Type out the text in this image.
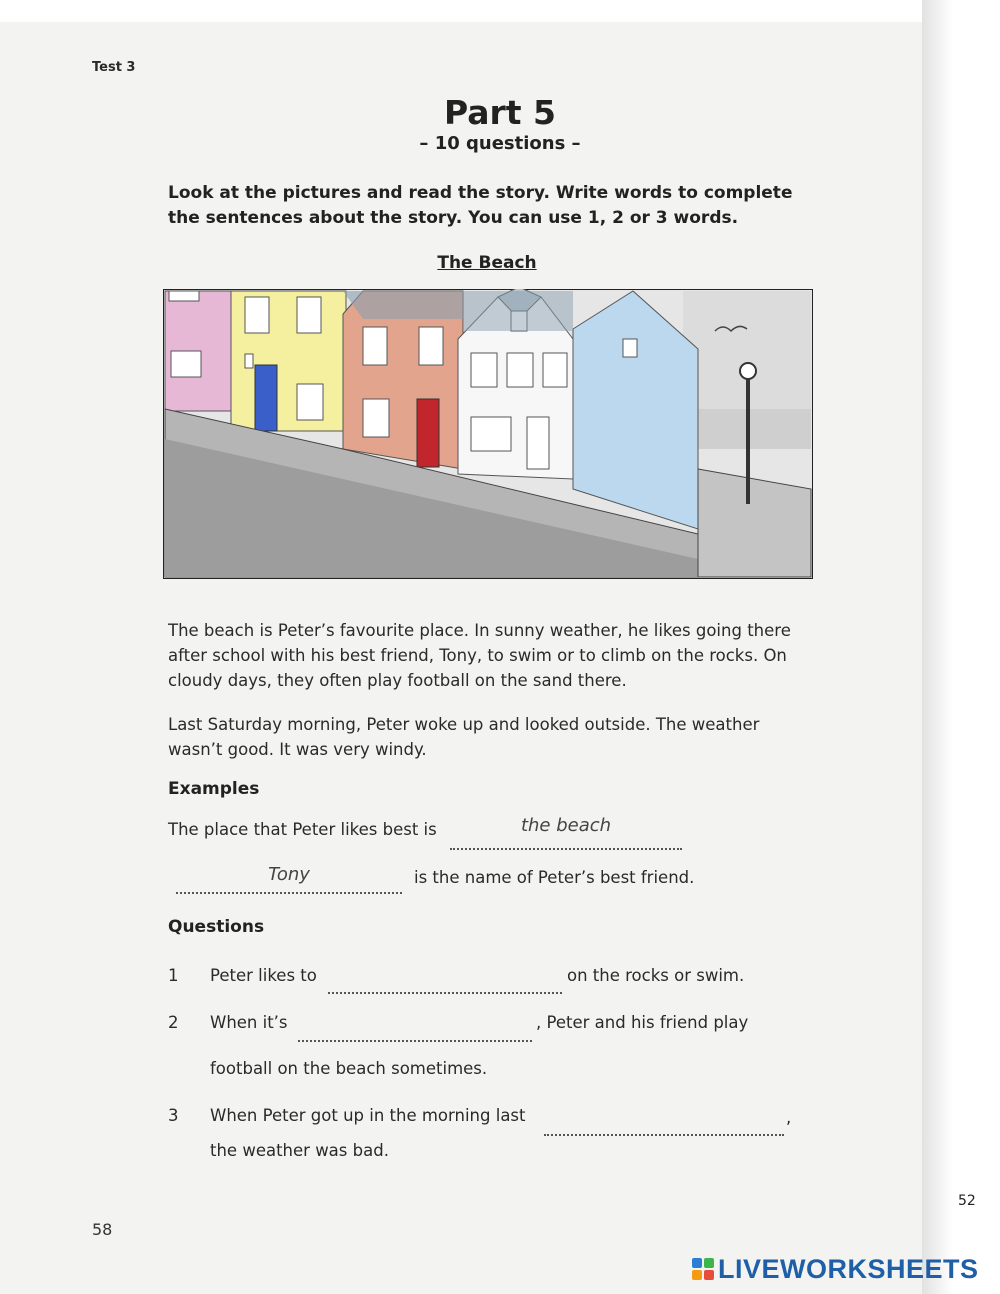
Test 3
Part 5
– 10 questions –
Look at the pictures and read the story. Write words to complete the sentences about the story. You can use 1, 2 or 3 words.
The Beach
The beach is Peter’s favourite place. In sunny weather, he likes going there after school with his best friend, Tony, to swim or to climb on the rocks. On cloudy days, they often play football on the sand there.
Last Saturday morning, Peter woke up and looked outside. The weather wasn’t good. It was very windy.
Examples
The place that Peter likes best is	the beach
Tony	is the name of Peter’s best friend.
Questions
1 Peter likes to	on the rocks or swim.
2 When it’s	, Peter and his friend play
football on the beach sometimes.
3 When Peter got up in the morning last	,
the weather was bad.
58
52
LIVEWORKSHEETS
